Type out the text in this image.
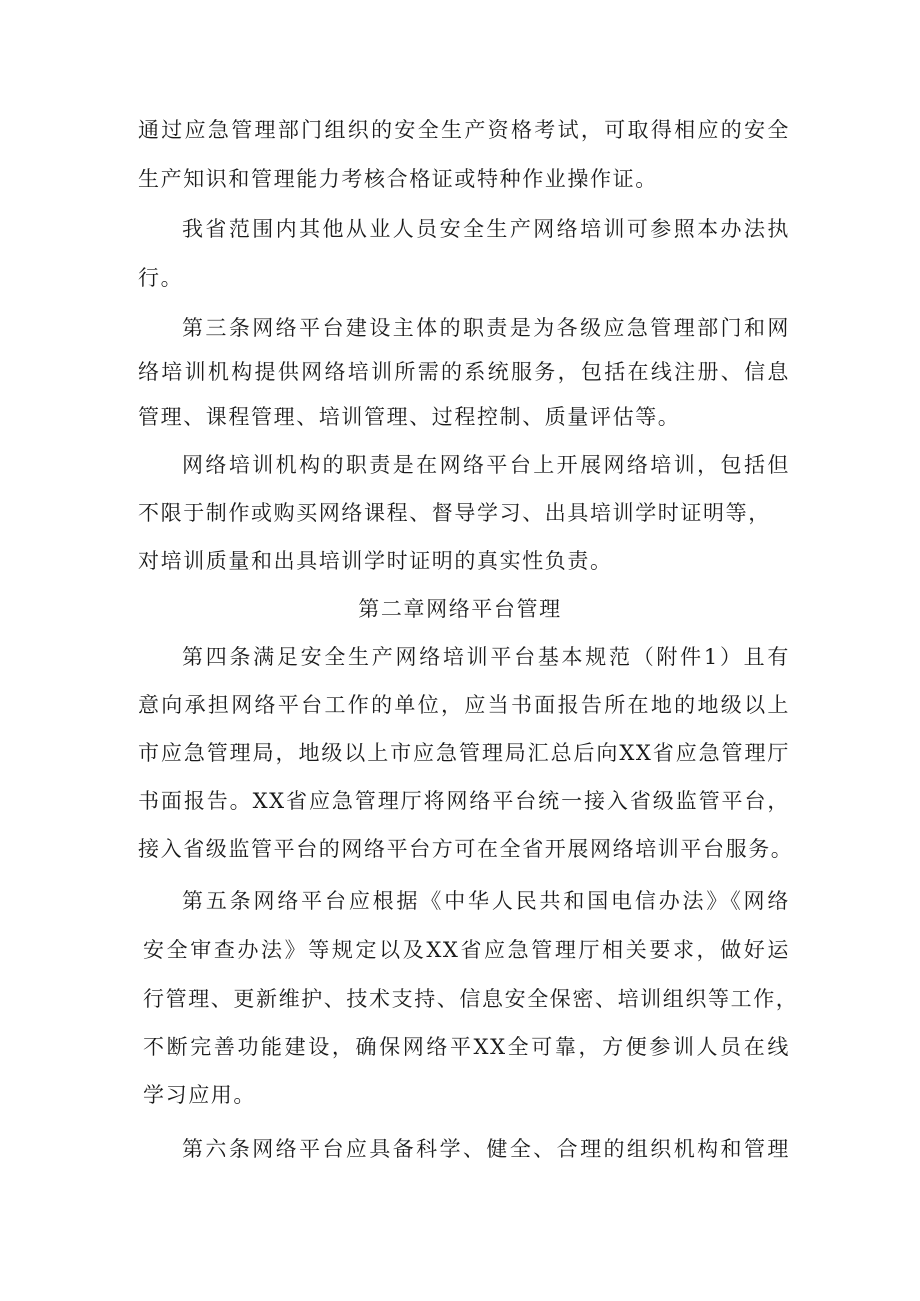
通过应急管理部门组织的安全生产资格考试，可取得相应的安全
生产知识和管理能力考核合格证或特种作业操作证。
我省范围内其他从业人员安全生产网络培训可参照本办法执
行。
第三条网络平台建设主体的职责是为各级应急管理部门和网
络培训机构提供网络培训所需的系统服务，包括在线注册、信息
管理、课程管理、培训管理、过程控制、质量评估等。
网络培训机构的职责是在网络平台上开展网络培训，包括但
不限于制作或购买网络课程、督导学习、出具培训学时证明等，
对培训质量和出具培训学时证明的真实性负责。
第二章网络平台管理
第四条满足安全生产网络培训平台基本规范（附件1）且有
意向承担网络平台工作的单位，应当书面报告所在地的地级以上
市应急管理局，地级以上市应急管理局汇总后向XX省应急管理厅
书面报告。XX省应急管理厅将网络平台统一接入省级监管平台，
接入省级监管平台的网络平台方可在全省开展网络培训平台服务。
第五条网络平台应根据《中华人民共和国电信办法》《网络
安全审查办法》等规定以及XX省应急管理厅相关要求，做好运
行管理、更新维护、技术支持、信息安全保密、培训组织等工作，
不断完善功能建设，确保网络平XX全可靠，方便参训人员在线
学习应用。
第六条网络平台应具备科学、健全、合理的组织机构和管理
